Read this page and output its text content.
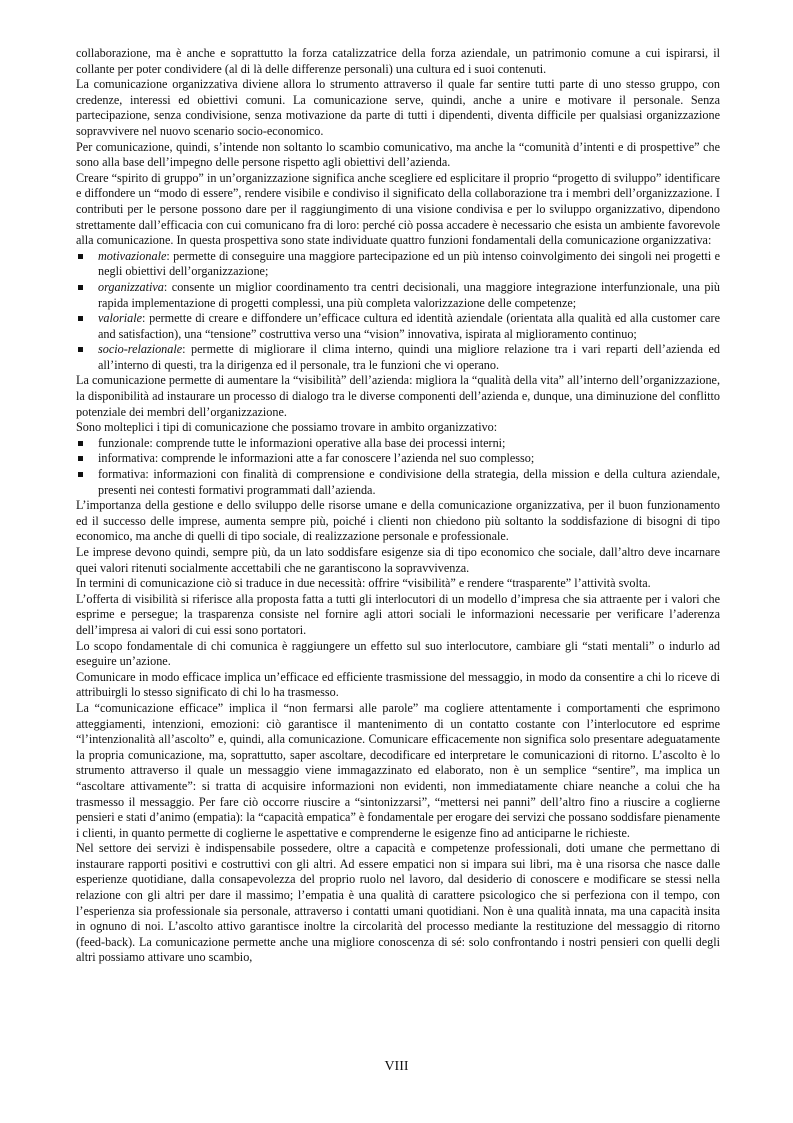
collaborazione, ma è anche e soprattutto la forza catalizzatrice della forza aziendale, un patrimonio comune a cui ispirarsi, il collante per poter condividere (al di là delle differenze personali) una cultura ed i suoi contenuti.

La comunicazione organizzativa diviene allora lo strumento attraverso il quale far sentire tutti parte di uno stesso gruppo, con credenze, interessi ed obiettivi comuni. La comunicazione serve, quindi, anche a unire e motivare il personale. Senza partecipazione, senza condivisione, senza motivazione da parte di tutti i dipendenti, diventa difficile per qualsiasi organizzazione sopravvivere nel nuovo scenario socio-economico.

Per comunicazione, quindi, s’intende non soltanto lo scambio comunicativo, ma anche la “comunità d’intenti e di prospettive” che sono alla base dell’impegno delle persone rispetto agli obiettivi dell’azienda.

Creare “spirito di gruppo” in un’organizzazione significa anche scegliere ed esplicitare il proprio “progetto di sviluppo” identificare e diffondere un “modo di essere”, rendere visibile e condiviso il significato della collaborazione tra i membri dell’organizzazione. I contributi per le persone possono dare per il raggiungimento di una visione condivisa e per lo sviluppo organizzativo, dipendono strettamente dall’efficacia con cui comunicano fra di loro: perché ciò possa accadere è necessario che esista un ambiente favorevole alla comunicazione. In questa prospettiva sono state individuate quattro funzioni fondamentali della comunicazione organizzativa:

motivazionale: permette di conseguire una maggiore partecipazione ed un più intenso coinvolgimento dei singoli nei progetti e negli obiettivi dell’organizzazione;
organizzativa: consente un miglior coordinamento tra centri decisionali, una maggiore integrazione interfunzionale, una più rapida implementazione di progetti complessi, una più completa valorizzazione delle competenze;
valoriale: permette di creare e diffondere un’efficace cultura ed identità aziendale (orientata alla qualità ed alla customer care and satisfaction), una “tensione” costruttiva verso una “vision” innovativa, ispirata al miglioramento continuo;
socio-relazionale: permette di migliorare il clima interno, quindi una migliore relazione tra i vari reparti dell’azienda ed all’interno di questi, tra la dirigenza ed il personale, tra le funzioni che vi operano.

La comunicazione permette di aumentare la “visibilità” dell’azienda: migliora la “qualità della vita” all’interno dell’organizzazione, la disponibilità ad instaurare un processo di dialogo tra le diverse componenti dell’azienda e, dunque, una diminuzione del conflitto potenziale dei membri dell’organizzazione.

Sono molteplici i tipi di comunicazione che possiamo trovare in ambito organizzativo:

funzionale: comprende tutte le informazioni operative alla base dei processi interni;
informativa: comprende le informazioni atte a far conoscere l’azienda nel suo complesso;
formativa: informazioni con finalità di comprensione e condivisione della strategia, della mission e della cultura aziendale, presenti nei contesti formativi programmati dall’azienda.

L’importanza della gestione e dello sviluppo delle risorse umane e della comunicazione organizzativa, per il buon funzionamento ed il successo delle imprese, aumenta sempre più, poiché i clienti non chiedono più soltanto la soddisfazione di bisogni di tipo economico, ma anche di quelli di tipo sociale, di realizzazione personale e professionale.

Le imprese devono quindi, sempre più, da un lato soddisfare esigenze sia di tipo economico che sociale, dall’altro deve incarnare quei valori ritenuti socialmente accettabili che ne garantiscono la sopravvivenza.

In termini di comunicazione ciò si traduce in due necessità: offrire “visibilità” e rendere “trasparente” l’attività svolta.

L’offerta di visibilità si riferisce alla proposta fatta a tutti gli interlocutori di un modello d’impresa che sia attraente per i valori che esprime e persegue; la trasparenza consiste nel fornire agli attori sociali le informazioni necessarie per verificare l’aderenza dell’impresa ai valori di cui essi sono portatori.

Lo scopo fondamentale di chi comunica è raggiungere un effetto sul suo interlocutore, cambiare gli “stati mentali” o indurlo ad eseguire un’azione.

Comunicare in modo efficace implica un’efficace ed efficiente trasmissione del messaggio, in modo da consentire a chi lo riceve di attribuirgli lo stesso significato di chi lo ha trasmesso.

La “comunicazione efficace” implica il “non fermarsi alle parole” ma cogliere attentamente i comportamenti che esprimono atteggiamenti, intenzioni, emozioni: ciò garantisce il mantenimento di un contatto costante con l’interlocutore ed esprime “l’intenzionalità all’ascolto” e, quindi, alla comunicazione. Comunicare efficacemente non significa solo presentare adeguatamente la propria comunicazione, ma, soprattutto, saper ascoltare, decodificare ed interpretare le comunicazioni di ritorno. L’ascolto è lo strumento attraverso il quale un messaggio viene immagazzinato ed elaborato, non è un semplice “sentire”, ma implica un “ascoltare attivamente”: si tratta di acquisire informazioni non evidenti, non immediatamente chiare neanche a colui che ha trasmesso il messaggio. Per fare ciò occorre riuscire a “sintonizzarsi”, “mettersi nei panni” dell’altro fino a riuscire a coglierne pensieri e stati d’animo (empatia): la “capacità empatica” è fondamentale per erogare dei servizi che possano soddisfare pienamente i clienti, in quanto permette di coglierne le aspettative e comprenderne le esigenze fino ad anticiparne le richieste.

Nel settore dei servizi è indispensabile possedere, oltre a capacità e competenze professionali, doti umane che permettano di instaurare rapporti positivi e costruttivi con gli altri. Ad essere empatici non si impara sui libri, ma è una risorsa che nasce dalle esperienze quotidiane, dalla consapevolezza del proprio ruolo nel lavoro, dal desiderio di conoscere e modificare se stessi nella relazione con gli altri per dare il massimo; l’empatia è una qualità di carattere psicologico che si perfeziona con il tempo, con l’esperienza sia professionale sia personale, attraverso i contatti umani quotidiani. Non è una qualità innata, ma una capacità insita in ognuno di noi. L’ascolto attivo garantisce inoltre la circolarità del processo mediante la restituzione del messaggio di ritorno (feed-back). La comunicazione permette anche una migliore conoscenza di sé: solo confrontando i nostri pensieri con quelli degli altri possiamo attivare uno scambio,

VIII
